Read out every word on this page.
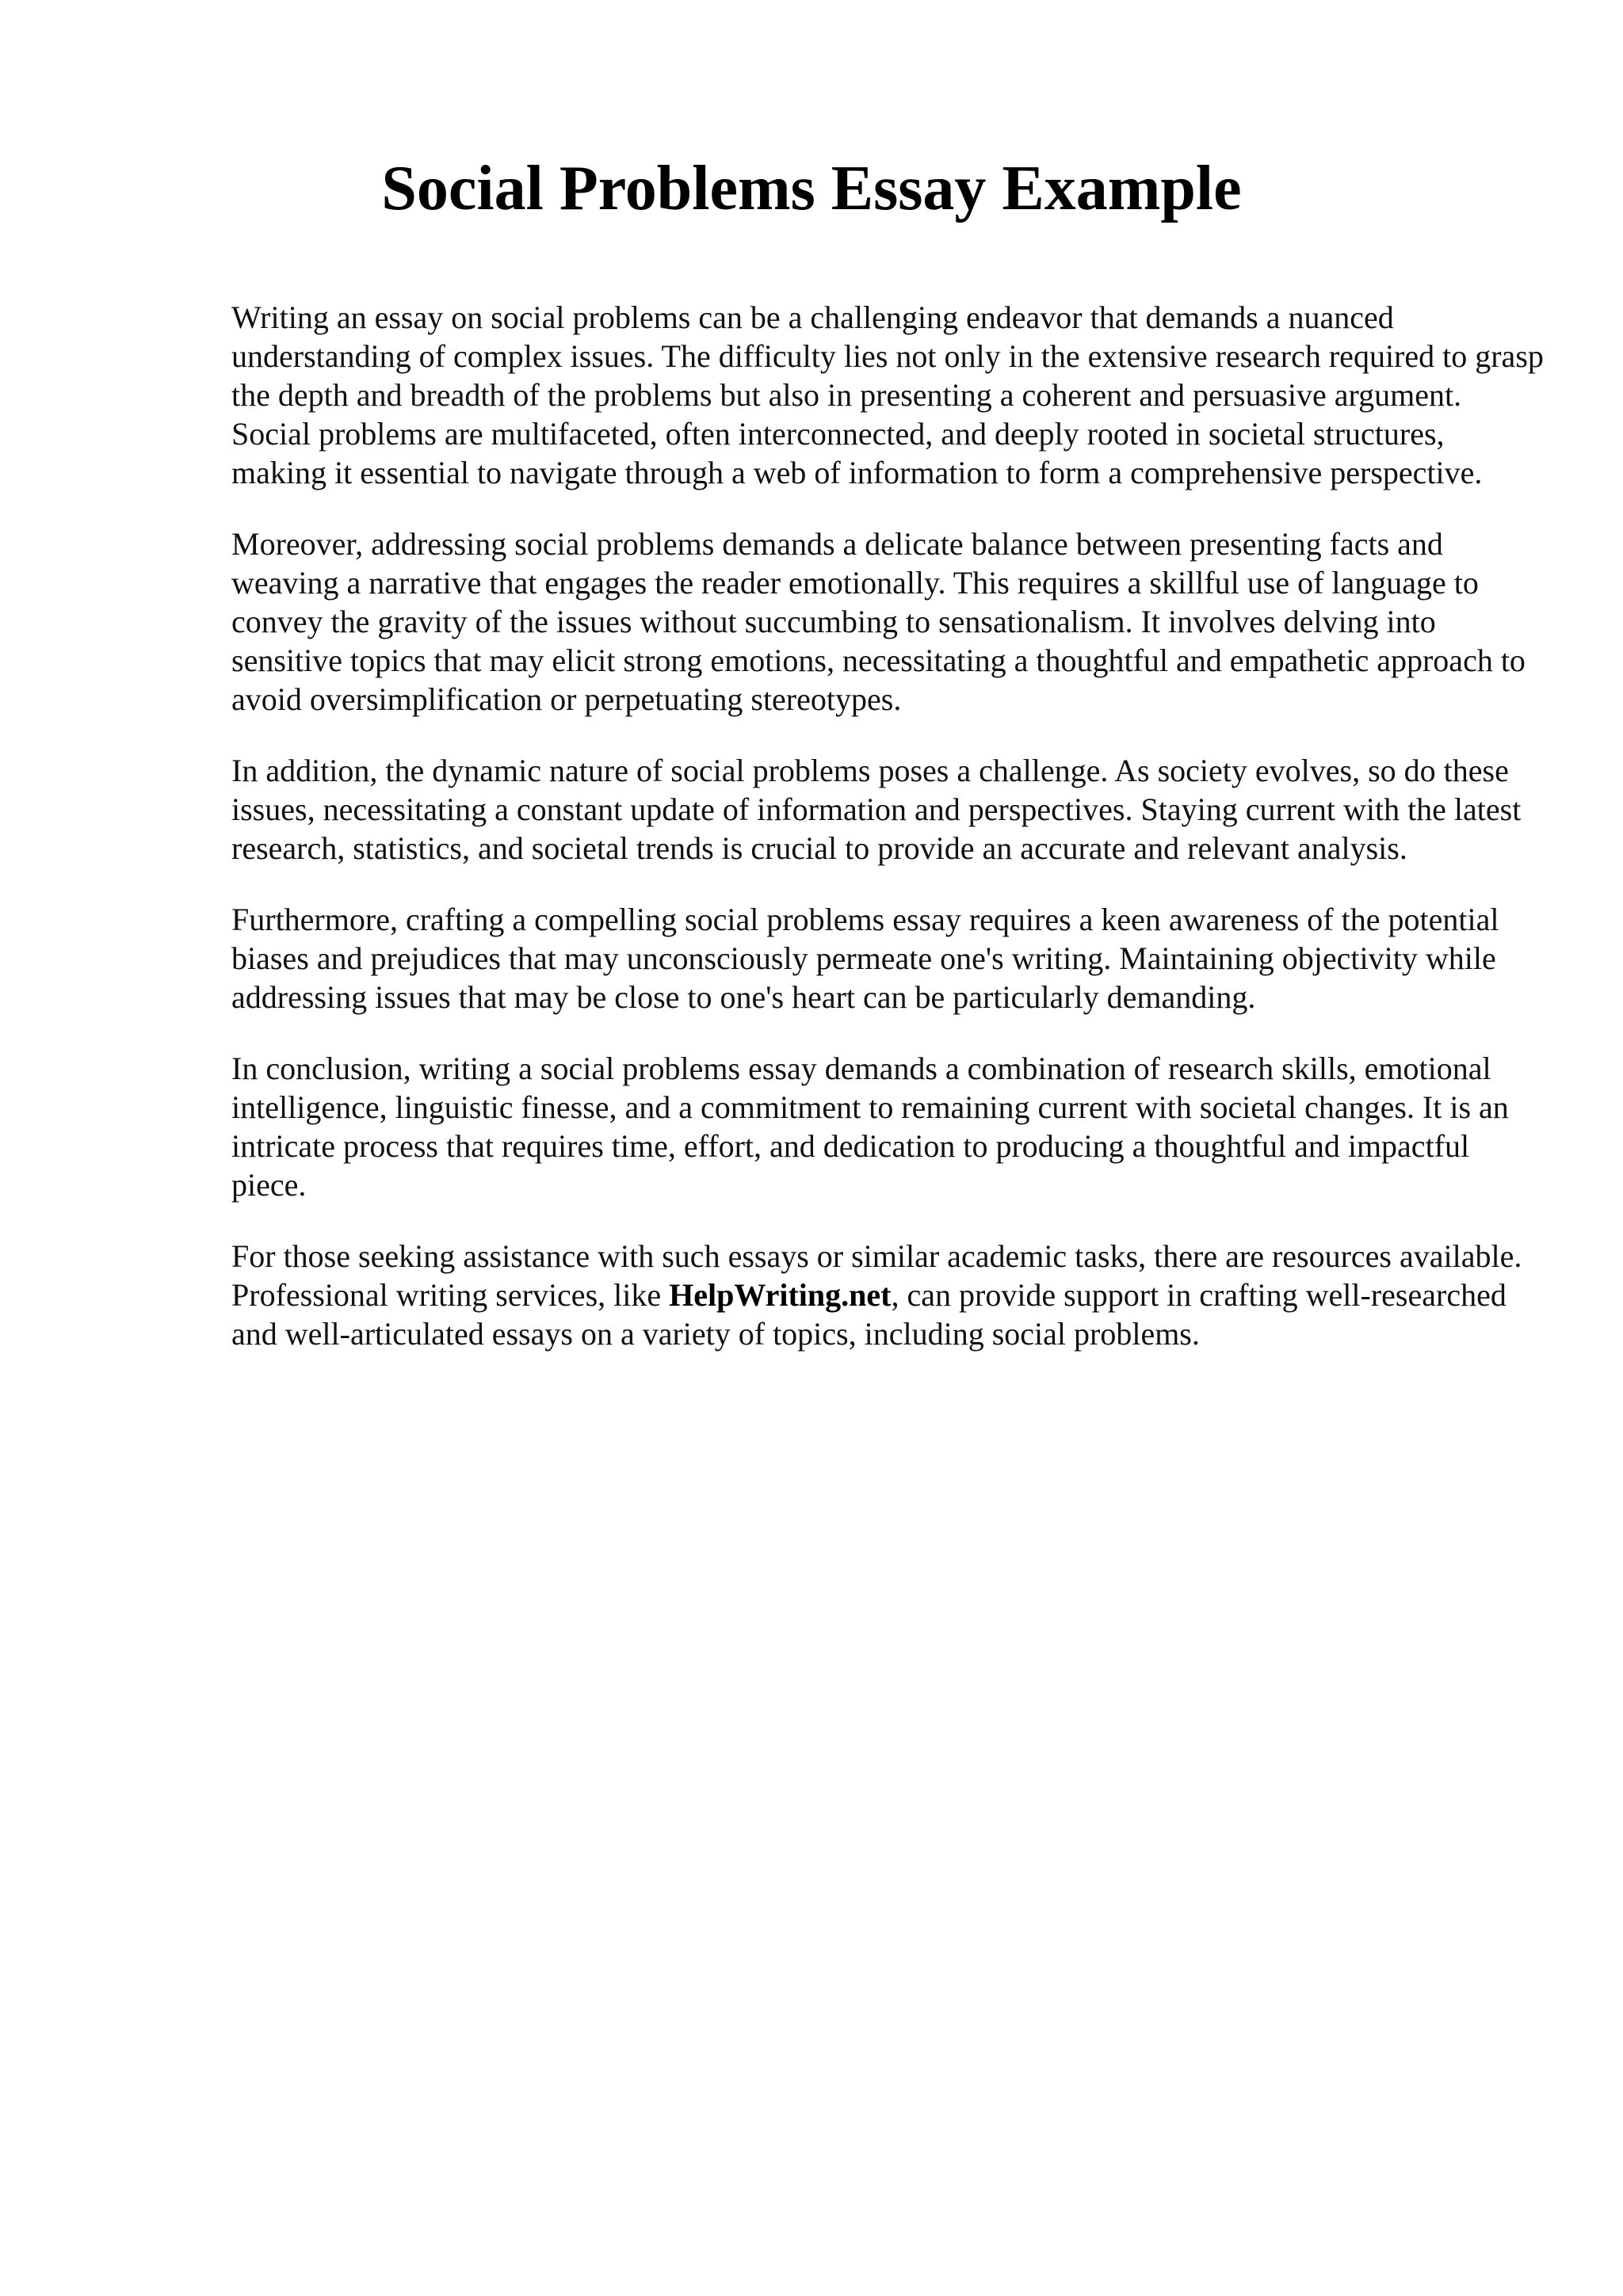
Social Problems Essay Example

Writing an essay on social problems can be a challenging endeavor that demands a nuanced understanding of complex issues. The difficulty lies not only in the extensive research required to grasp the depth and breadth of the problems but also in presenting a coherent and persuasive argument. Social problems are multifaceted, often interconnected, and deeply rooted in societal structures, making it essential to navigate through a web of information to form a comprehensive perspective.

Moreover, addressing social problems demands a delicate balance between presenting facts and weaving a narrative that engages the reader emotionally. This requires a skillful use of language to convey the gravity of the issues without succumbing to sensationalism. It involves delving into sensitive topics that may elicit strong emotions, necessitating a thoughtful and empathetic approach to avoid oversimplification or perpetuating stereotypes.

In addition, the dynamic nature of social problems poses a challenge. As society evolves, so do these issues, necessitating a constant update of information and perspectives. Staying current with the latest research, statistics, and societal trends is crucial to provide an accurate and relevant analysis.

Furthermore, crafting a compelling social problems essay requires a keen awareness of the potential biases and prejudices that may unconsciously permeate one's writing. Maintaining objectivity while addressing issues that may be close to one's heart can be particularly demanding.

In conclusion, writing a social problems essay demands a combination of research skills, emotional intelligence, linguistic finesse, and a commitment to remaining current with societal changes. It is an intricate process that requires time, effort, and dedication to producing a thoughtful and impactful piece.

For those seeking assistance with such essays or similar academic tasks, there are resources available. Professional writing services, like HelpWriting.net, can provide support in crafting well-researched and well-articulated essays on a variety of topics, including social problems.
